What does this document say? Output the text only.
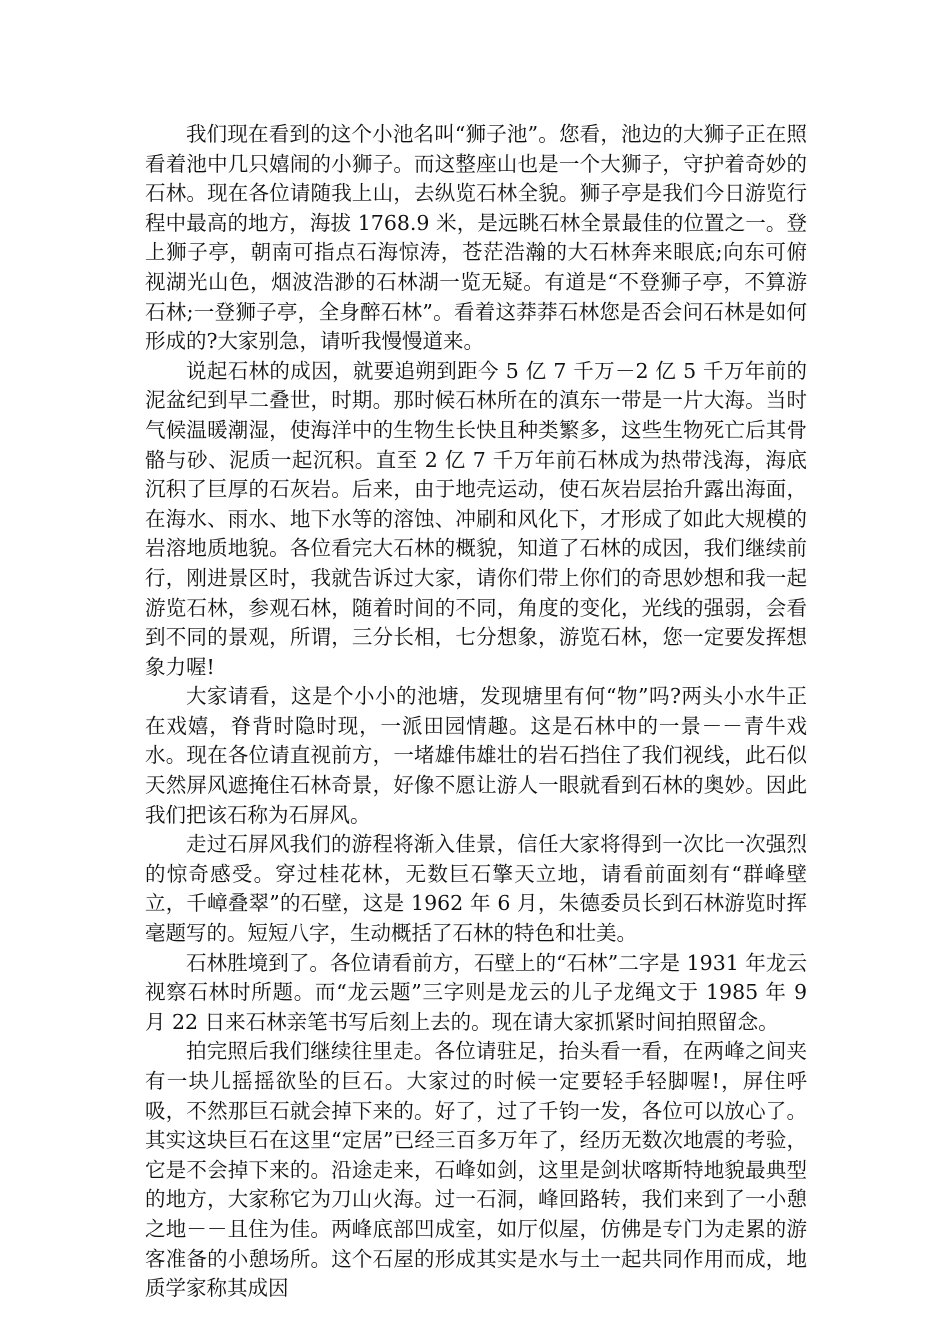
我们现在看到的这个小池名叫“狮子池”。您看，池边的大狮子正在照看着池中几只嬉闹的小狮子。而这整座山也是一个大狮子，守护着奇妙的石林。现在各位请随我上山，去纵览石林全貌。狮子亭是我们今日游览行程中最高的地方，海拔 1768.9 米，是远眺石林全景最佳的位置之一。登上狮子亭，朝南可指点石海惊涛，苍茫浩瀚的大石林奔来眼底;向东可俯视湖光山色，烟波浩渺的石林湖一览无疑。有道是“不登狮子亭，不算游石林;一登狮子亭，全身醉石林”。看着这莽莽石林您是否会问石林是如何形成的?大家别急，请听我慢慢道来。

说起石林的成因，就要追朔到距今 5 亿 7 千万－2 亿 5 千万年前的泥盆纪到早二叠世，时期。那时候石林所在的滇东一带是一片大海。当时气候温暖潮湿，使海洋中的生物生长快且种类繁多，这些生物死亡后其骨骼与砂、泥质一起沉积。直至 2 亿 7 千万年前石林成为热带浅海，海底沉积了巨厚的石灰岩。后来，由于地壳运动，使石灰岩层抬升露出海面，在海水、雨水、地下水等的溶蚀、冲刷和风化下，才形成了如此大规模的岩溶地质地貌。各位看完大石林的概貌，知道了石林的成因，我们继续前行，刚进景区时，我就告诉过大家，请你们带上你们的奇思妙想和我一起游览石林，参观石林，随着时间的不同，角度的变化，光线的强弱，会看到不同的景观，所谓，三分长相，七分想象，游览石林，您一定要发挥想象力喔!

大家请看，这是个小小的池塘，发现塘里有何“物”吗?两头小水牛正在戏嬉，脊背时隐时现，一派田园情趣。这是石林中的一景－－青牛戏水。现在各位请直视前方，一堵雄伟雄壮的岩石挡住了我们视线，此石似天然屏风遮掩住石林奇景，好像不愿让游人一眼就看到石林的奥妙。因此我们把该石称为石屏风。

走过石屏风我们的游程将渐入佳景，信任大家将得到一次比一次强烈的惊奇感受。穿过桂花林，无数巨石擎天立地，请看前面刻有“群峰壁立，千嶂叠翠”的石壁，这是 1962 年 6 月，朱德委员长到石林游览时挥毫题写的。短短八字，生动概括了石林的特色和壮美。

石林胜境到了。各位请看前方，石壁上的“石林”二字是 1931 年龙云视察石林时所题。而“龙云题”三字则是龙云的儿子龙绳文于 1985 年 9 月 22 日来石林亲笔书写后刻上去的。现在请大家抓紧时间拍照留念。

拍完照后我们继续往里走。各位请驻足，抬头看一看，在两峰之间夹有一块儿摇摇欲坠的巨石。大家过的时候一定要轻手轻脚喔!，屏住呼吸，不然那巨石就会掉下来的。好了，过了千钧一发，各位可以放心了。其实这块巨石在这里“定居”已经三百多万年了，经历无数次地震的考验，它是不会掉下来的。沿途走来，石峰如剑，这里是剑状喀斯特地貌最典型的地方，大家称它为刀山火海。过一石洞，峰回路转，我们来到了一小憩之地－－且住为佳。两峰底部凹成室，如厅似屋，仿佛是专门为走累的游客准备的小憩场所。这个石屋的形成其实是水与土一起共同作用而成，地质学家称其成因
